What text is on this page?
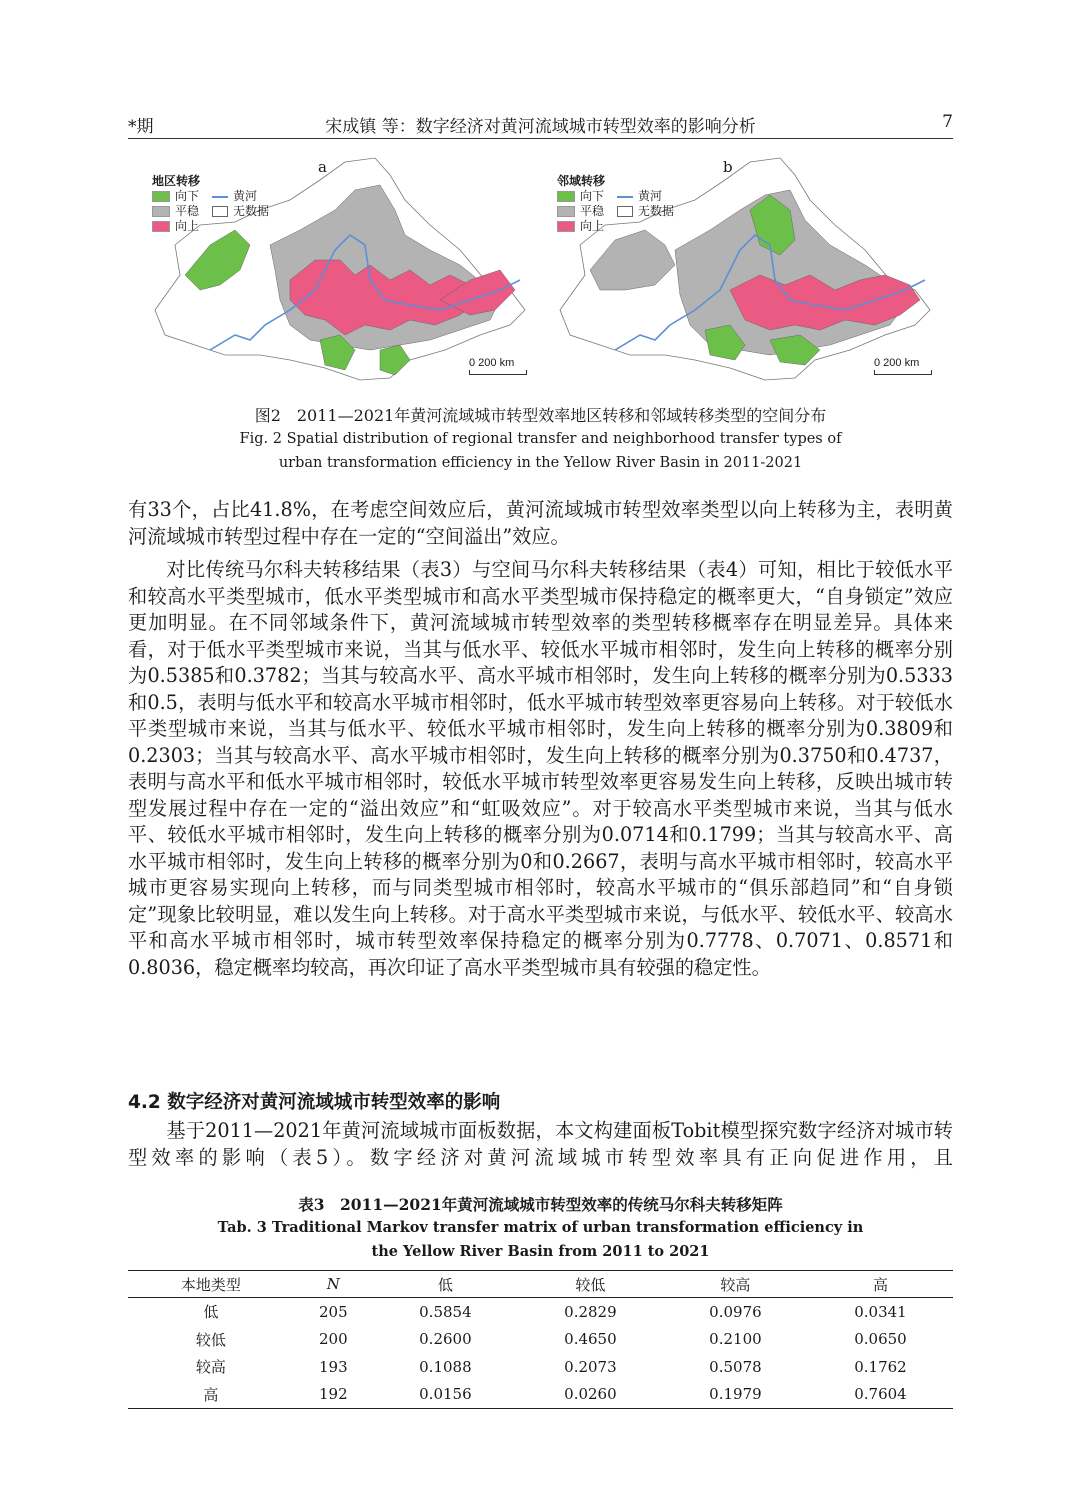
*期	宋成镇 等：数字经济对黄河流域城市转型效率的影响分析	7
a
地区转移
向下	黄河
平稳	无数据
向上
0 200 km
b
邻域转移
向下	黄河
平稳	无数据
向上
0 200 km
图2　2011—2021年黄河流域城市转型效率地区转移和邻域转移类型的空间分布
Fig. 2 Spatial distribution of regional transfer and neighborhood transfer types of
urban transformation efficiency in the Yellow River Basin in 2011-2021
有33个，占比41.8%，在考虑空间效应后，黄河流域城市转型效率类型以向上转移为主，表明黄河流域城市转型过程中存在一定的“空间溢出”效应。
对比传统马尔科夫转移结果（表3）与空间马尔科夫转移结果（表4）可知，相比于较低水平和较高水平类型城市，低水平类型城市和高水平类型城市保持稳定的概率更大，“自身锁定”效应更加明显。在不同邻域条件下，黄河流域城市转型效率的类型转移概率存在明显差异。具体来看，对于低水平类型城市来说，当其与低水平、较低水平城市相邻时，发生向上转移的概率分别为0.5385和0.3782；当其与较高水平、高水平城市相邻时，发生向上转移的概率分别为0.5333和0.5，表明与低水平和较高水平城市相邻时，低水平城市转型效率更容易向上转移。对于较低水平类型城市来说，当其与低水平、较低水平城市相邻时，发生向上转移的概率分别为0.3809和0.2303；当其与较高水平、高水平城市相邻时，发生向上转移的概率分别为0.3750和0.4737，表明与高水平和低水平城市相邻时，较低水平城市转型效率更容易发生向上转移，反映出城市转型发展过程中存在一定的“溢出效应”和“虹吸效应”。对于较高水平类型城市来说，当其与低水平、较低水平城市相邻时，发生向上转移的概率分别为0.0714和0.1799；当其与较高水平、高水平城市相邻时，发生向上转移的概率分别为0和0.2667，表明与高水平城市相邻时，较高水平城市更容易实现向上转移，而与同类型城市相邻时，较高水平城市的“俱乐部趋同”和“自身锁定”现象比较明显，难以发生向上转移。对于高水平类型城市来说，与低水平、较低水平、较高水平和高水平城市相邻时，城市转型效率保持稳定的概率分别为0.7778、0.7071、0.8571和0.8036，稳定概率均较高，再次印证了高水平类型城市具有较强的稳定性。
4.2 数字经济对黄河流域城市转型效率的影响
基于2011—2021年黄河流域城市面板数据，本文构建面板Tobit模型探究数字经济对城市转型效率的影响（表5）。数字经济对黄河流域城市转型效率具有正向促进作用，且
表3　2011—2021年黄河流域城市转型效率的传统马尔科夫转移矩阵
Tab. 3 Traditional Markov transfer matrix of urban transformation efficiency in
the Yellow River Basin from 2011 to 2021
本地类型	N	低	较低	较高	高
低	205	0.5854	0.2829	0.0976	0.0341
较低	200	0.2600	0.4650	0.2100	0.0650
较高	193	0.1088	0.2073	0.5078	0.1762
高	192	0.0156	0.0260	0.1979	0.7604
